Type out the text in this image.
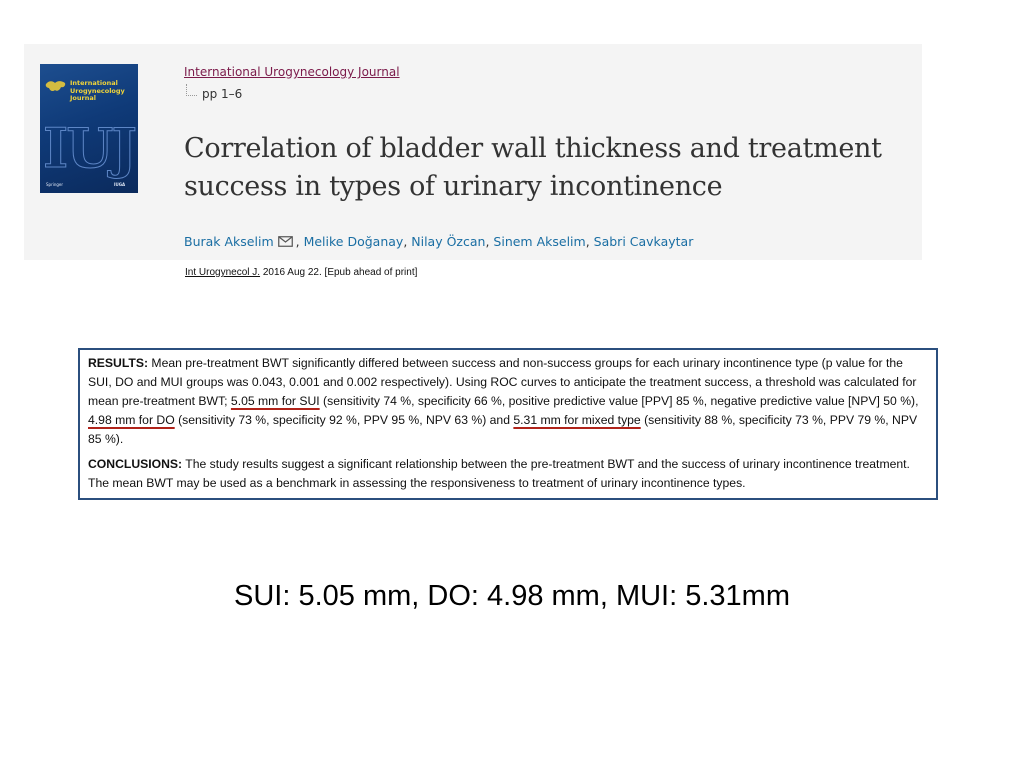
International
Urogynecology
Journal
IUJ
Springer	IUGA
International Urogynecology Journal
pp 1–6
Correlation of bladder wall thickness and treatment success in types of urinary incontinence
Burak Akselim , Melike Doğanay, Nilay Özcan, Sinem Akselim, Sabri Cavkaytar
Int Urogynecol J. 2016 Aug 22. [Epub ahead of print]

RESULTS: Mean pre-treatment BWT significantly differed between success and non-success groups for each urinary incontinence type (p value for the SUI, DO and MUI groups was 0.043, 0.001 and 0.002 respectively). Using ROC curves to anticipate the treatment success, a threshold was calculated for mean pre-treatment BWT; 5.05 mm for SUI (sensitivity 74 %, specificity 66 %, positive predictive value [PPV] 85 %, negative predictive value [NPV] 50 %), 4.98 mm for DO (sensitivity 73 %, specificity 92 %, PPV 95 %, NPV 63 %) and 5.31 mm for mixed type (sensitivity 88 %, specificity 73 %, PPV 79 %, NPV 85 %).

CONCLUSIONS: The study results suggest a significant relationship between the pre-treatment BWT and the success of urinary incontinence treatment. The mean BWT may be used as a benchmark in assessing the responsiveness to treatment of urinary incontinence types.

SUI: 5.05 mm, DO: 4.98 mm, MUI: 5.31mm
